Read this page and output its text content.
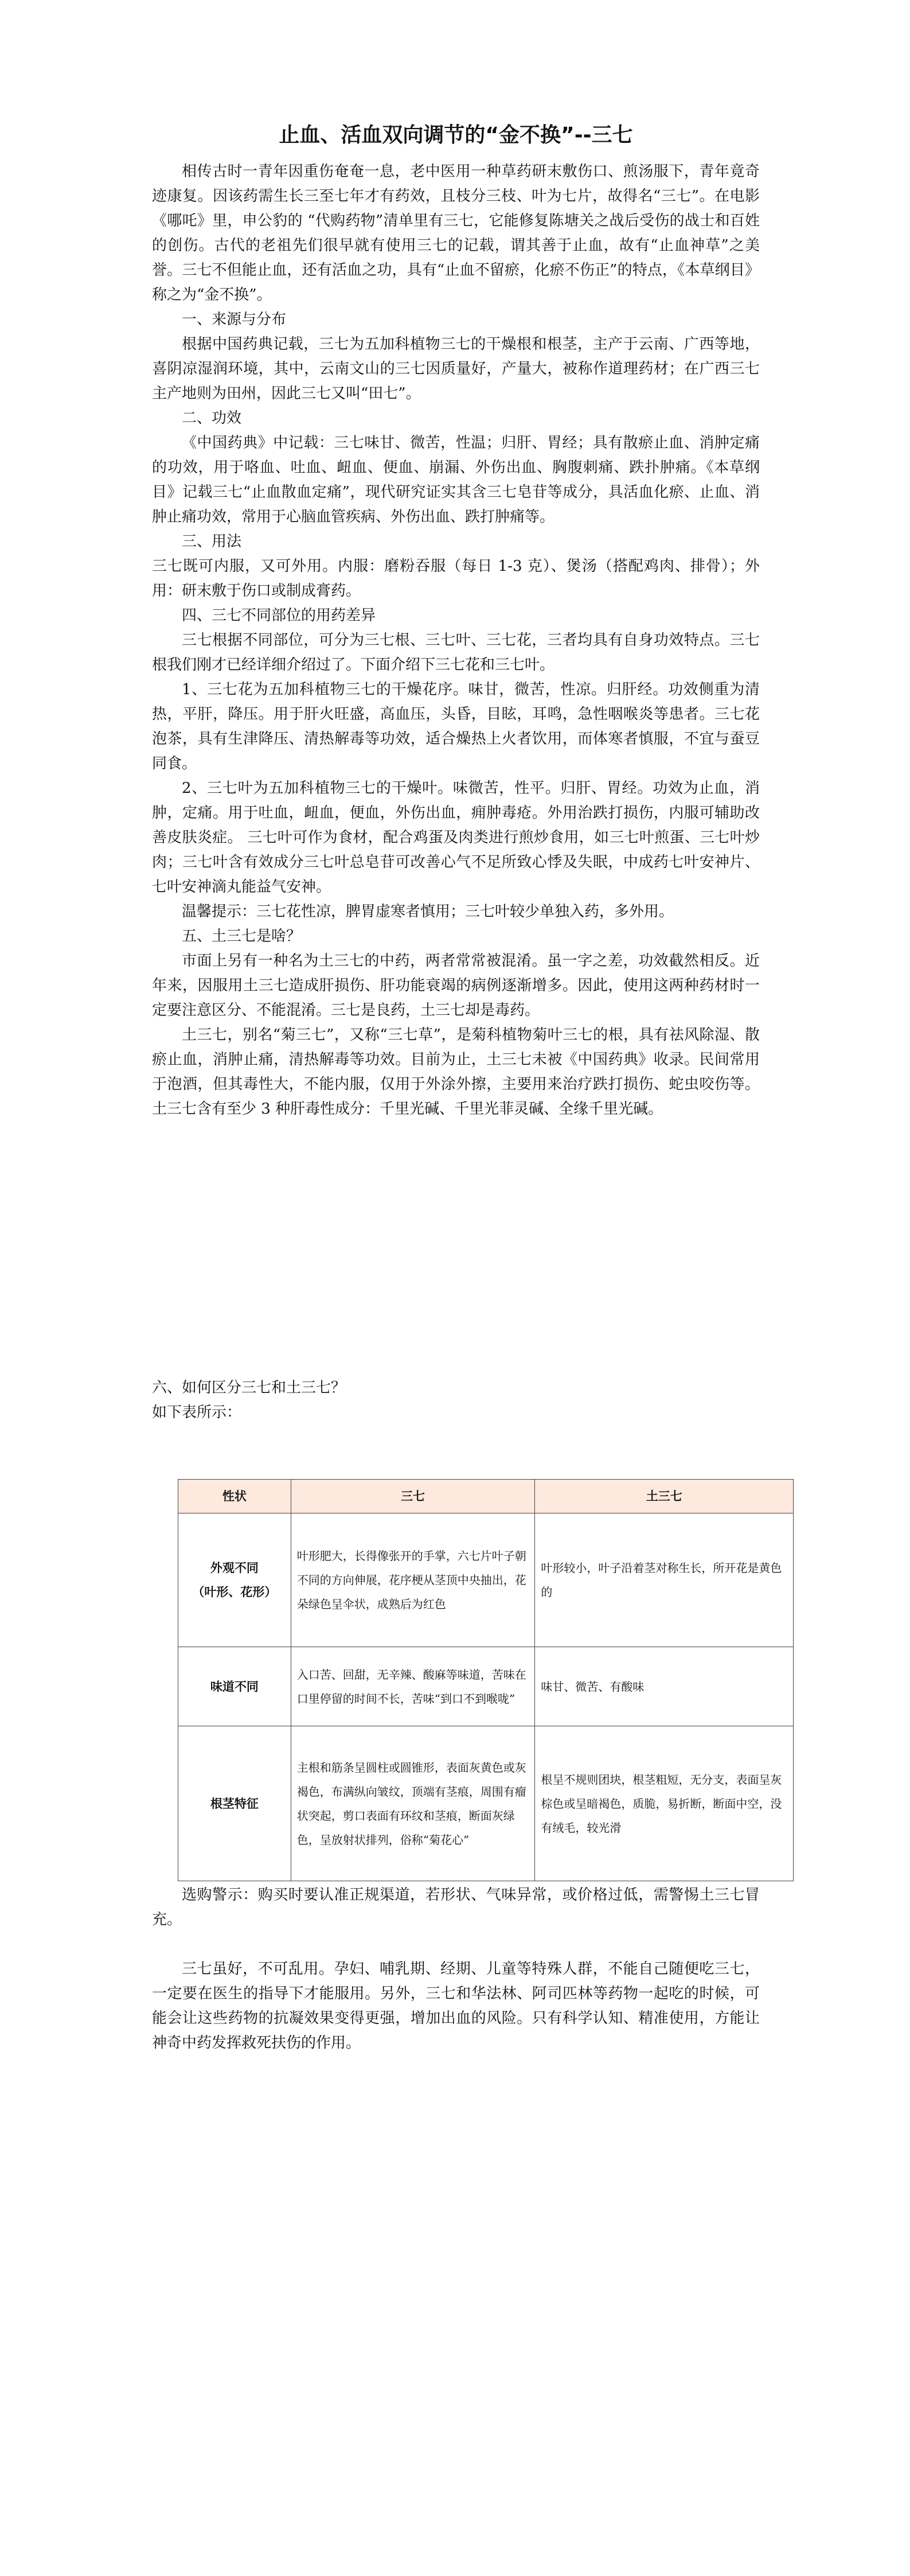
止血、活血双向调节的“金不换”--三七

相传古时一青年因重伤奄奄一息，老中医用一种草药研末敷伤口、煎汤服下，青年竟奇迹康复。因该药需生长三至七年才有药效，且枝分三枝、叶为七片，故得名“三七”。在电影《哪吒》里，申公豹的 “代购药物”清单里有三七，它能修复陈塘关之战后受伤的战士和百姓的创伤。古代的老祖先们很早就有使用三七的记载，谓其善于止血，故有“止血神草”之美誉。三七不但能止血，还有活血之功，具有“止血不留瘀，化瘀不伤正”的特点，《本草纲目》称之为“金不换”。

一、来源与分布

根据中国药典记载，三七为五加科植物三七的干燥根和根茎，主产于云南、广西等地，喜阴凉湿润环境，其中，云南文山的三七因质量好，产量大，被称作道理药材；在广西三七主产地则为田州，因此三七又叫“田七”。

二、功效

《中国药典》中记载：三七味甘、微苦，性温；归肝、胃经；具有散瘀止血、消肿定痛的功效，用于咯血、吐血、衄血、便血、崩漏、外伤出血、胸腹刺痛、跌扑肿痛。《本草纲目》记载三七“止血散血定痛”，现代研究证实其含三七皂苷等成分，具活血化瘀、止血、消肿止痛功效，常用于心脑血管疾病、外伤出血、跌打肿痛等。

三、用法

三七既可内服，又可外用。内服：磨粉吞服（每日 1-3 克）、煲汤（搭配鸡肉、排骨）；外用：研末敷于伤口或制成膏药。

四、三七不同部位的用药差异

三七根据不同部位，可分为三七根、三七叶、三七花，三者均具有自身功效特点。三七根我们刚才已经详细介绍过了。下面介绍下三七花和三七叶。

1、三七花为五加科植物三七的干燥花序。味甘，微苦，性凉。归肝经。功效侧重为清热，平肝，降压。用于肝火旺盛，高血压，头昏，目眩，耳鸣，急性咽喉炎等患者。三七花泡茶，具有生津降压、清热解毒等功效，适合燥热上火者饮用，而体寒者慎服，不宜与蚕豆同食。

2、三七叶为五加科植物三七的干燥叶。味微苦，性平。归肝、胃经。功效为止血，消肿，定痛。用于吐血，衄血，便血，外伤出血，痈肿毒疮。外用治跌打损伤，内服可辅助改善皮肤炎症。 三七叶可作为食材，配合鸡蛋及肉类进行煎炒食用，如三七叶煎蛋、三七叶炒肉；三七叶含有效成分三七叶总皂苷可改善心气不足所致心悸及失眠，中成药七叶安神片、七叶安神滴丸能益气安神。

温馨提示：三七花性凉，脾胃虚寒者慎用；三七叶较少单独入药，多外用。

五、土三七是啥？

市面上另有一种名为土三七的中药，两者常常被混淆。虽一字之差，功效截然相反。近年来，因服用土三七造成肝损伤、肝功能衰竭的病例逐渐增多。因此，使用这两种药材时一定要注意区分、不能混淆。三七是良药，土三七却是毒药。

土三七，别名“菊三七”，又称“三七草”，是菊科植物菊叶三七的根，具有祛风除湿、散瘀止血，消肿止痛，清热解毒等功效。目前为止，土三七未被《中国药典》收录。民间常用于泡酒，但其毒性大，不能内服，仅用于外涂外擦，主要用来治疗跌打损伤、蛇虫咬伤等。土三七含有至少 3 种肝毒性成分：千里光碱、千里光菲灵碱、全缘千里光碱。

六、如何区分三七和土三七？

如下表所示：

性状	三七	土三七

外观不同
（叶形、花形）	叶形肥大，长得像张开的手掌，六七片叶子朝不同的方向伸展，花序梗从茎顶中央抽出，花朵绿色呈伞状，成熟后为红色	叶形较小，叶子沿着茎对称生长，所开花是黄色的

味道不同	入口苦、回甜，无辛辣、酸麻等味道，苦味在口里停留的时间不长，苦味“到口不到喉咙”	味甘、微苦、有酸味

根茎特征	主根和筋条呈圆柱或圆锥形，表面灰黄色或灰褐色，布满纵向皱纹，顶端有茎痕，周围有瘤状突起，剪口表面有环纹和茎痕，断面灰绿色，呈放射状排列，俗称“菊花心”	根呈不规则团块，根茎粗短，无分支，表面呈灰棕色或呈暗褐色，质脆，易折断，断面中空，没有绒毛，较光滑

选购警示：购买时要认准正规渠道，若形状、气味异常，或价格过低，需警惕土三七冒充。

三七虽好，不可乱用。孕妇、哺乳期、经期、儿童等特殊人群，不能自己随便吃三七，一定要在医生的指导下才能服用。另外，三七和华法林、阿司匹林等药物一起吃的时候，可能会让这些药物的抗凝效果变得更强，增加出血的风险。只有科学认知、精准使用，方能让神奇中药发挥救死扶伤的作用。
